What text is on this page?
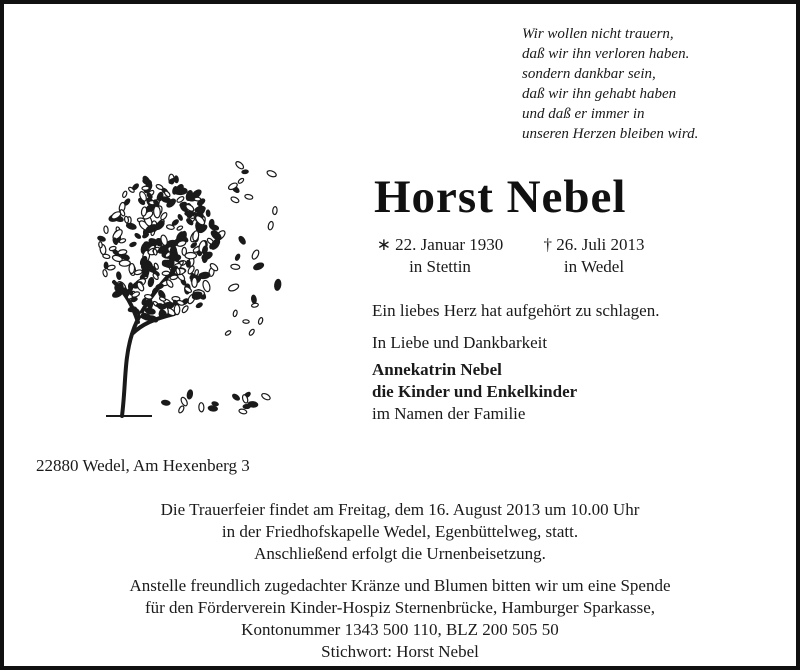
Wir wollen nicht trauern,
daß wir ihn verloren haben.
sondern dankbar sein,
daß wir ihn gehabt haben
und daß er immer in
unseren Herzen bleiben wird.
Horst Nebel
∗ 22. Januar 1930
in Stettin
† 26. Juli 2013
in Wedel
Ein liebes Herz hat aufgehört zu schlagen.
In Liebe und Dankbarkeit
Annekatrin Nebel
die Kinder und Enkelkinder
im Namen der Familie
22880 Wedel, Am Hexenberg 3
Die Trauerfeier findet am Freitag, dem 16. August 2013 um 10.00 Uhr
in der Friedhofskapelle Wedel, Egenbüttelweg, statt.
Anschließend erfolgt die Urnenbeisetzung.
Anstelle freundlich zugedachter Kränze und Blumen bitten wir um eine Spende
für den Förderverein Kinder-Hospiz Sternenbrücke, Hamburger Sparkasse,
Kontonummer 1343 500 110, BLZ 200 505 50
Stichwort: Horst Nebel
